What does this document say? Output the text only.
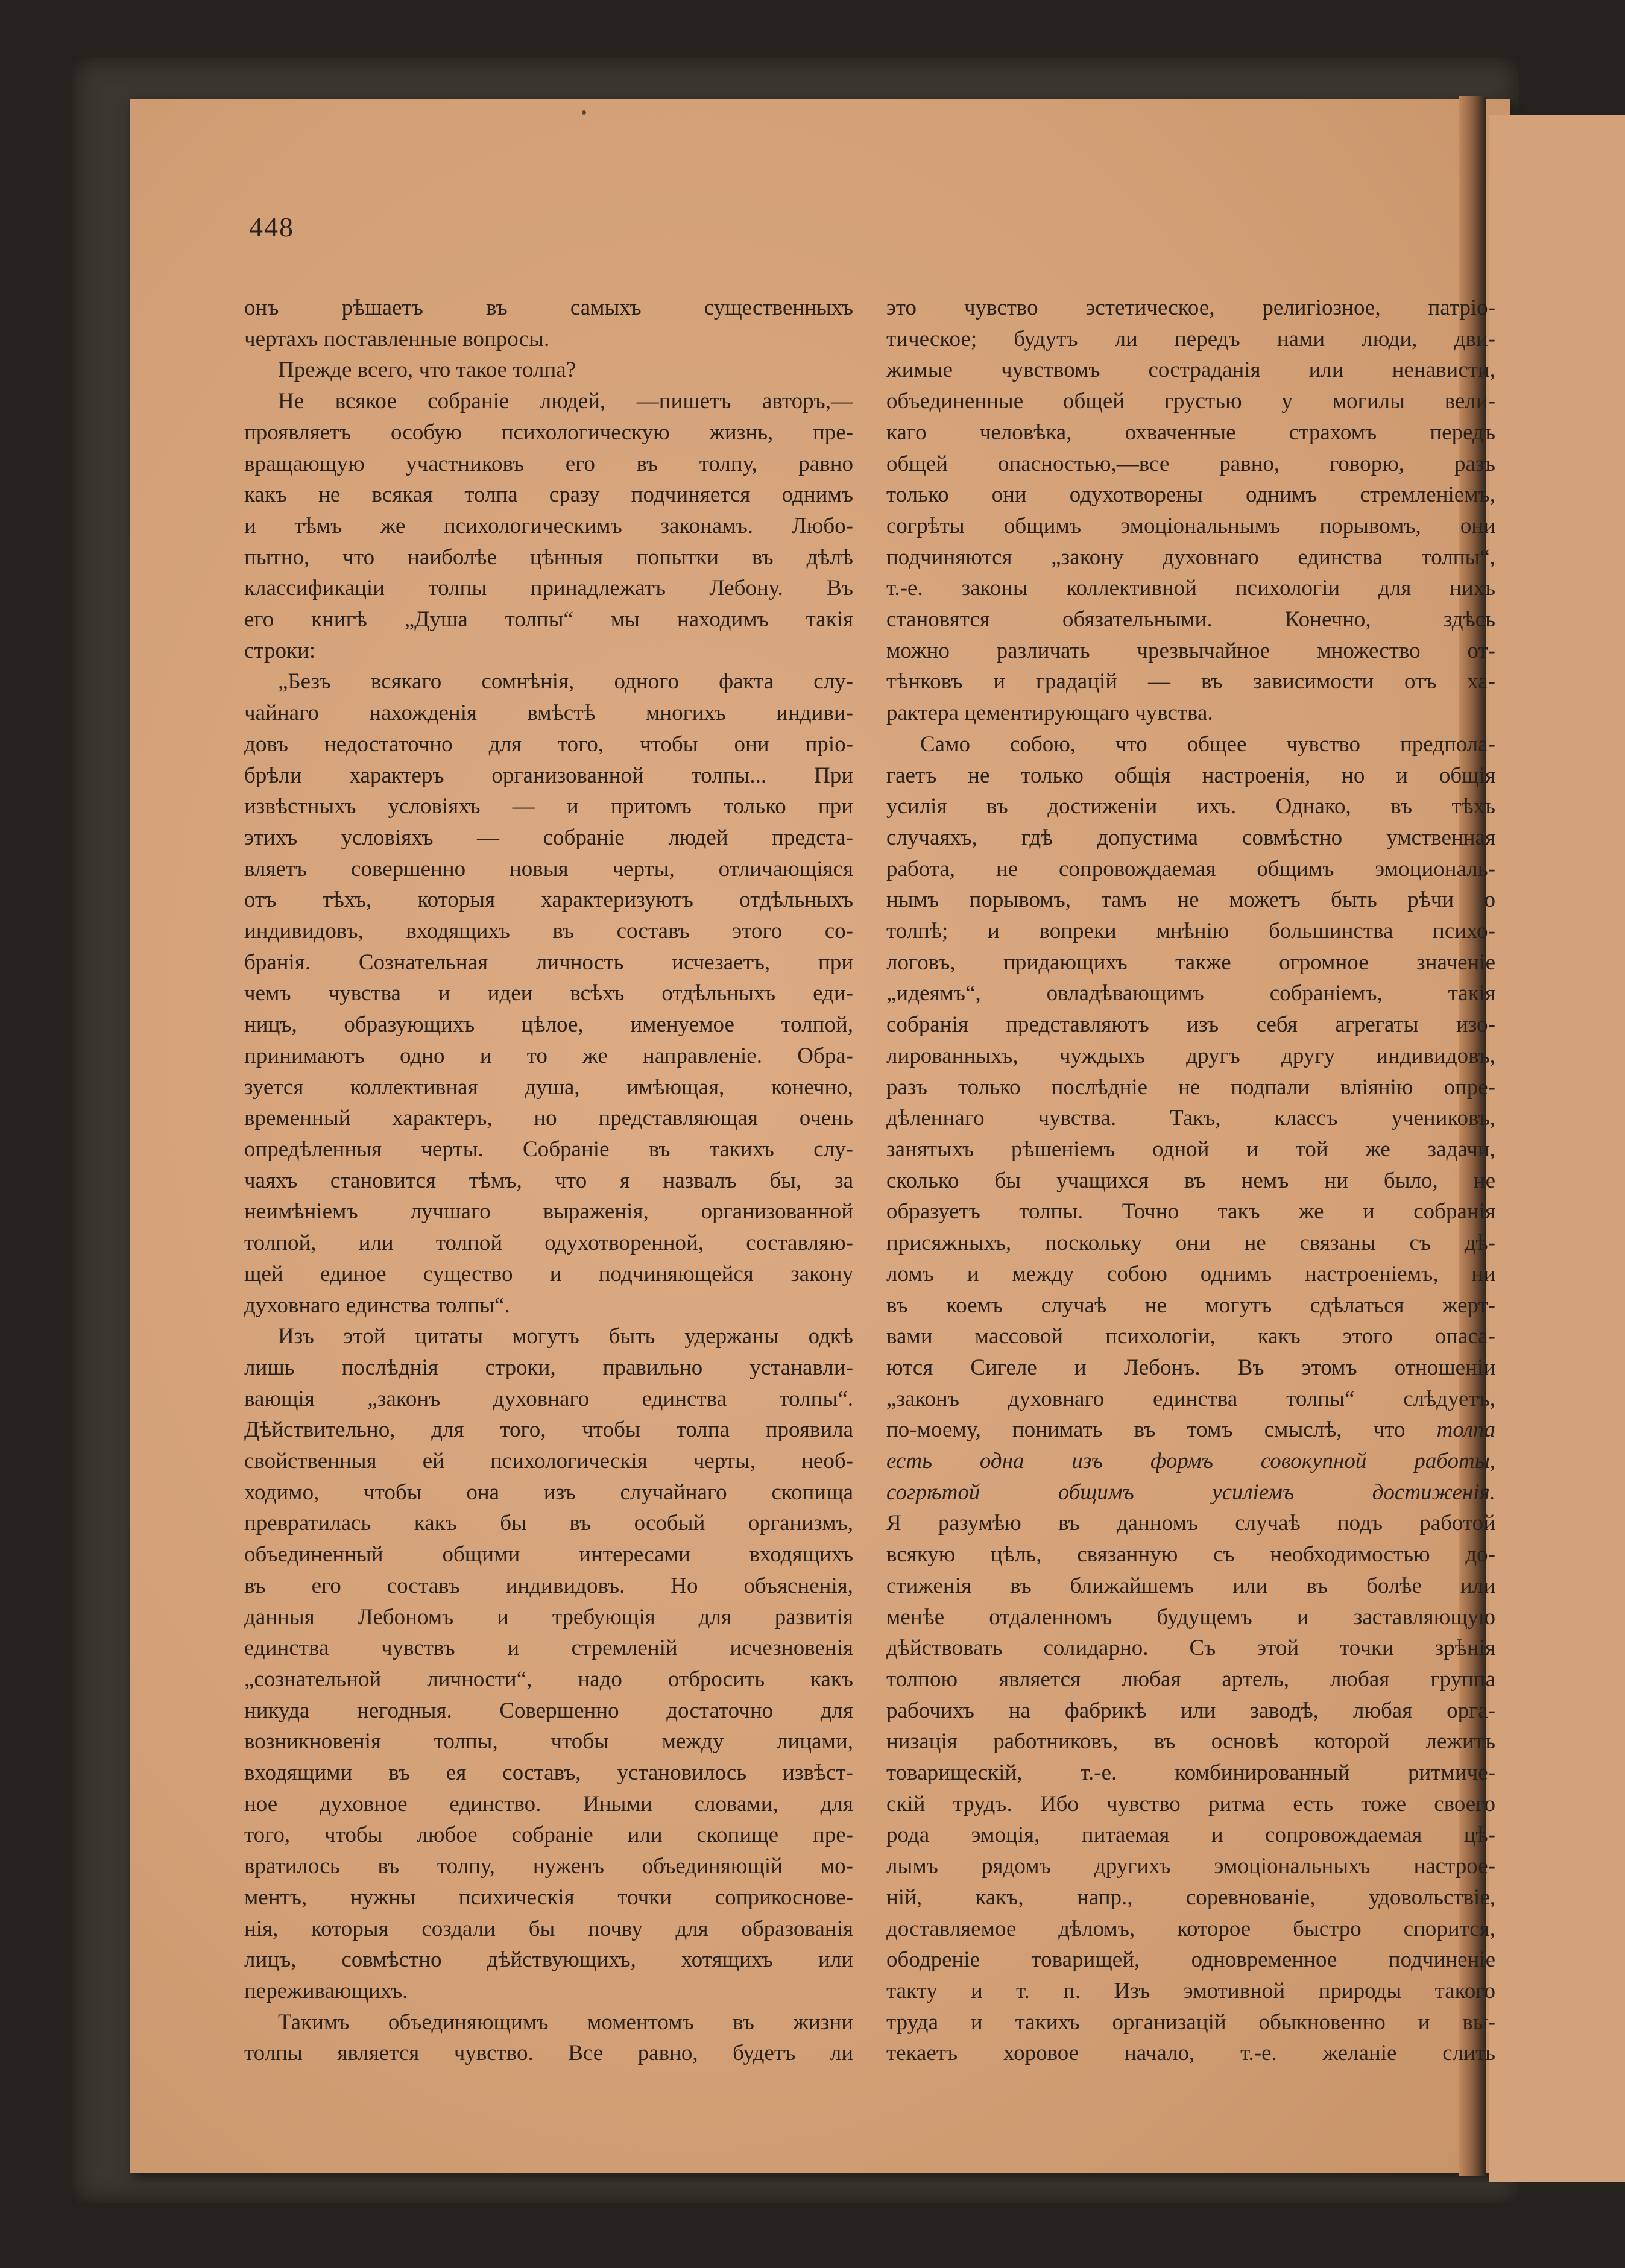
448
онъ рѣшаетъ въ самыхъ существенныхъ
чертахъ поставленные вопросы.
Прежде всего, что такое толпа?
Не всякое собраніе людей, —пишетъ авторъ,—
проявляетъ особую психологическую жизнь, пре-
вращающую участниковъ его въ толпу, равно
какъ не всякая толпа сразу подчиняется однимъ
и тѣмъ же психологическимъ законамъ. Любо-
пытно, что наиболѣе цѣнныя попытки въ дѣлѣ
классификаціи толпы принадлежатъ Лебону. Въ
его книгѣ „Душа толпы“ мы находимъ такія
строки:
„Безъ всякаго сомнѣнія, одного факта слу-
чайнаго нахожденія вмѣстѣ многихъ индиви-
довъ недостаточно для того, чтобы они пріо-
брѣли характеръ организованной толпы... При
извѣстныхъ условіяхъ — и притомъ только при
этихъ условіяхъ — собраніе людей предста-
вляетъ совершенно новыя черты, отличающіяся
отъ тѣхъ, которыя характеризуютъ отдѣльныхъ
индивидовъ, входящихъ въ составъ этого со-
бранія. Сознательная личность исчезаетъ, при
чемъ чувства и идеи всѣхъ отдѣльныхъ еди-
ницъ, образующихъ цѣлое, именуемое толпой,
принимаютъ одно и то же направленіе. Обра-
зуется коллективная душа, имѣющая, конечно,
временный характеръ, но представляющая очень
опредѣленныя черты. Собраніе въ такихъ слу-
чаяхъ становится тѣмъ, что я назвалъ бы, за
неимѣніемъ лучшаго выраженія, организованной
толпой, или толпой одухотворенной, составляю-
щей единое существо и подчиняющейся закону
духовнаго единства толпы“.
Изъ этой цитаты могутъ быть удержаны одкѣ
лишь послѣднія строки, правильно устанавли-
вающія „законъ духовнаго единства толпы“.
Дѣйствительно, для того, чтобы толпа проявила
свойственныя ей психологическія черты, необ-
ходимо, чтобы она изъ случайнаго скопища
превратилась какъ бы въ особый организмъ,
объединенный общими интересами входящихъ
въ его составъ индивидовъ. Но объясненія,
данныя Лебономъ и требующія для развитія
единства чувствъ и стремленій исчезновенія
„сознательной личности“, надо отбросить какъ
никуда негодныя. Совершенно достаточно для
возникновенія толпы, чтобы между лицами,
входящими въ ея составъ, установилось извѣст-
ное духовное единство. Иными словами, для
того, чтобы любое собраніе или скопище пре-
вратилось въ толпу, нуженъ объединяющій мо-
ментъ, нужны психическія точки соприкоснове-
нія, которыя создали бы почву для образованія
лицъ, совмѣстно дѣйствующихъ, хотящихъ или
переживающихъ.
Такимъ объединяющимъ моментомъ въ жизни
толпы является чувство. Все равно, будетъ ли
это чувство эстетическое, религіозное, патріо-
тическое; будутъ ли передъ нами люди, дви-
жимые чувствомъ состраданія или ненависти,
объединенные общей грустью у могилы вели-
каго человѣка, охваченные страхомъ передъ
общей опасностью,—все равно, говорю, разъ
только они одухотворены однимъ стремленіемъ,
согрѣты общимъ эмоціональнымъ порывомъ, они
подчиняются „закону духовнаго единства толпы“,
т.-е. законы коллективной психологіи для нихъ
становятся обязательными. Конечно, здѣсь
можно различать чрезвычайное множество от-
тѣнковъ и градацій — въ зависимости отъ ха-
рактера цементирующаго чувства.
Само собою, что общее чувство предпола-
гаетъ не только общія настроенія, но и общія
усилія въ достиженіи ихъ. Однако, въ тѣхъ
случаяхъ, гдѣ допустима совмѣстно умственная
работа, не сопровождаемая общимъ эмоциональ-
нымъ порывомъ, тамъ не можетъ быть рѣчи о
толпѣ; и вопреки мнѣнію большинства психо-
логовъ, придающихъ также огромное значеніе
„идеямъ“, овладѣвающимъ собраніемъ, такія
собранія представляютъ изъ себя агрегаты изо-
лированныхъ, чуждыхъ другъ другу индивидовъ,
разъ только послѣдніе не подпали вліянію опре-
дѣленнаго чувства. Такъ, классъ учениковъ,
занятыхъ рѣшеніемъ одной и той же задачи,
сколько бы учащихся въ немъ ни было, не
образуетъ толпы. Точно такъ же и собранія
присяжныхъ, поскольку они не связаны съ дѣ-
ломъ и между собою однимъ настроеніемъ, ни
въ коемъ случаѣ не могутъ сдѣлаться жерт-
вами массовой психологіи, какъ этого опаса-
ются Сигеле и Лебонъ. Въ этомъ отношеніи
„законъ духовнаго единства толпы“ слѣдуетъ,
по-моему, понимать въ томъ смыслѣ, что толпа
есть одна изъ формъ совокупной работы,
согрѣтой общимъ усиліемъ достиженія.
Я разумѣю въ данномъ случаѣ подъ работой
всякую цѣль, связанную съ необходимостью до-
стиженія въ ближайшемъ или въ болѣе или
менѣе отдаленномъ будущемъ и заставляющую
дѣйствовать солидарно. Съ этой точки зрѣнія
толпою является любая артель, любая группа
рабочихъ на фабрикѣ или заводѣ, любая орга-
низація работниковъ, въ основѣ которой лежитъ
товарищескій, т.-е. комбинированный ритмиче-
скій трудъ. Ибо чувство ритма есть тоже своего
рода эмоція, питаемая и сопровождаемая цѣ-
лымъ рядомъ другихъ эмоціональныхъ настрое-
ній, какъ, напр., соревнованіе, удовольствіе,
доставляемое дѣломъ, которое быстро спорится,
ободреніе товарищей, одновременное подчиненіе
такту и т. п. Изъ эмотивной природы такого
труда и такихъ организацій обыкновенно и вы-
текаетъ хоровое начало, т.-е. желаніе слить
